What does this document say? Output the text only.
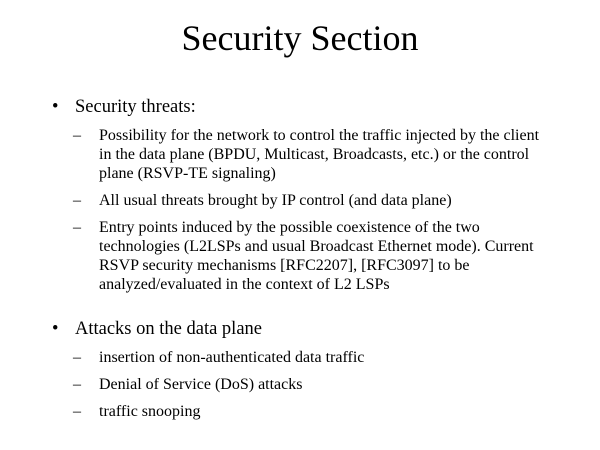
Security Section
• Security threats:
– Possibility for the network to control the traffic injected by the client in the data plane (BPDU, Multicast, Broadcasts, etc.) or the control plane (RSVP-TE signaling)
– All usual threats brought by IP control (and data plane)
– Entry points induced by the possible coexistence of the two technologies (L2LSPs and usual Broadcast Ethernet mode). Current RSVP security mechanisms [RFC2207], [RFC3097] to be analyzed/evaluated in the context of L2 LSPs
• Attacks on the data plane
– insertion of non-authenticated data traffic
– Denial of Service (DoS) attacks
– traffic snooping
